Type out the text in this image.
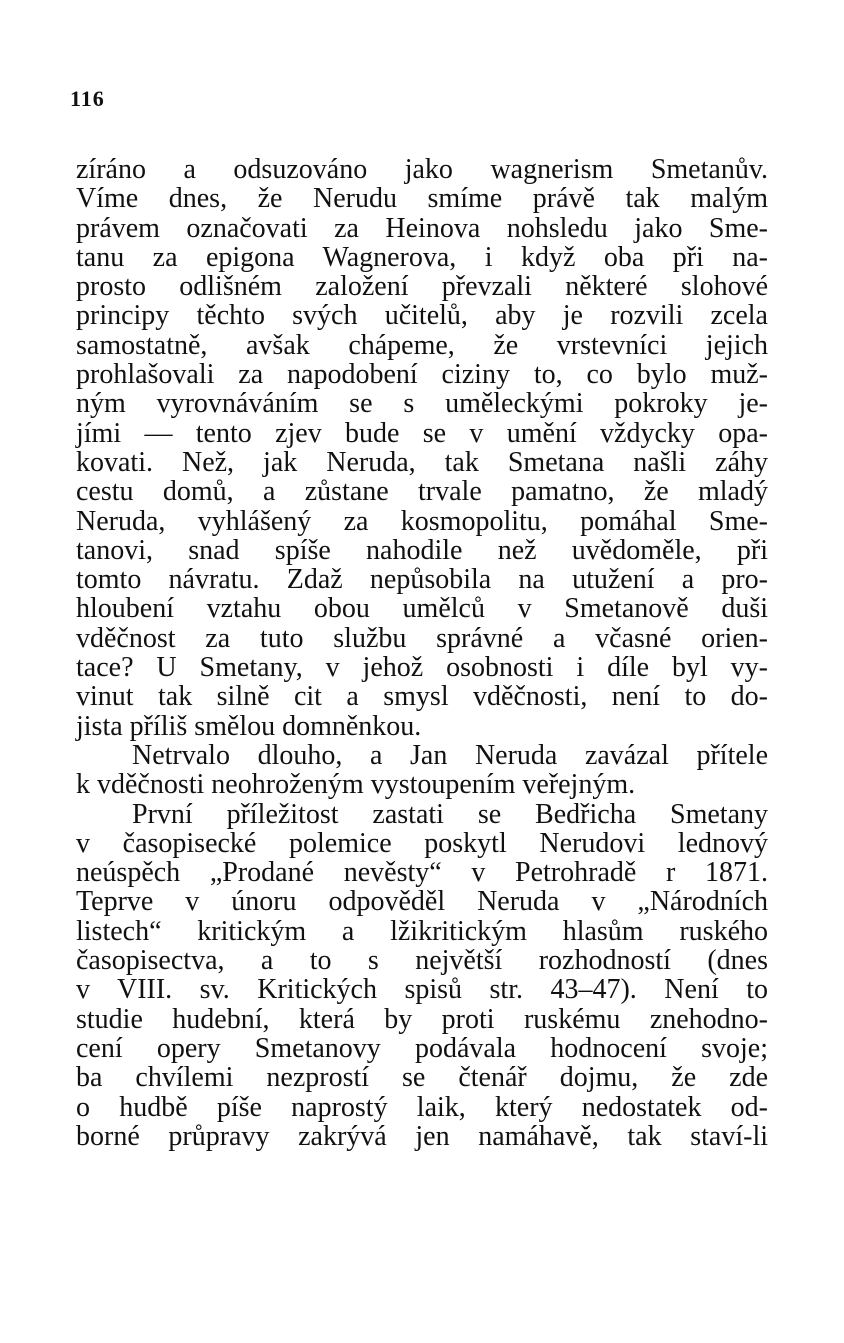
116
zíráno a odsuzováno jako wagnerism Smetanův.
Víme dnes, že Nerudu smíme právě tak malým
právem označovati za Heinova nohsledu jako Sme-
tanu za epigona Wagnerova, i když oba při na-
prosto odlišném založení převzali některé slohové
principy těchto svých učitelů, aby je rozvili zcela
samostatně, avšak chápeme, že vrstevníci jejich
prohlašovali za napodobení ciziny to, co bylo muž-
ným vyrovnáváním se s uměleckými pokroky je-
jími — tento zjev bude se v umění vždycky opa-
kovati. Než, jak Neruda, tak Smetana našli záhy
cestu domů, a zůstane trvale pamatno, že mladý
Neruda, vyhlášený za kosmopolitu, pomáhal Sme-
tanovi, snad spíše nahodile než uvědoměle, při
tomto návratu. Zdaž nepůsobila na utužení a pro-
hloubení vztahu obou umělců v Smetanově duši
vděčnost za tuto službu správné a včasné orien-
tace? U Smetany, v jehož osobnosti i díle byl vy-
vinut tak silně cit a smysl vděčnosti, není to do-
jista příliš smělou domněnkou.
Netrvalo dlouho, a Jan Neruda zavázal přítele
k vděčnosti neohroženým vystoupením veřejným.
První příležitost zastati se Bedřicha Smetany
v časopisecké polemice poskytl Nerudovi lednový
neúspěch „Prodané nevěsty“ v Petrohradě r 1871.
Teprve v únoru odpověděl Neruda v „Národních
listech“ kritickým a lžikritickým hlasům ruského
časopisectva, a to s největší rozhodností (dnes
v VIII. sv. Kritických spisů str. 43–47). Není to
studie hudební, která by proti ruskému znehodno-
cení opery Smetanovy podávala hodnocení svoje;
ba chvílemi nezprostí se čtenář dojmu, že zde
o hudbě píše naprostý laik, který nedostatek od-
borné průpravy zakrývá jen namáhavě, tak staví-li
